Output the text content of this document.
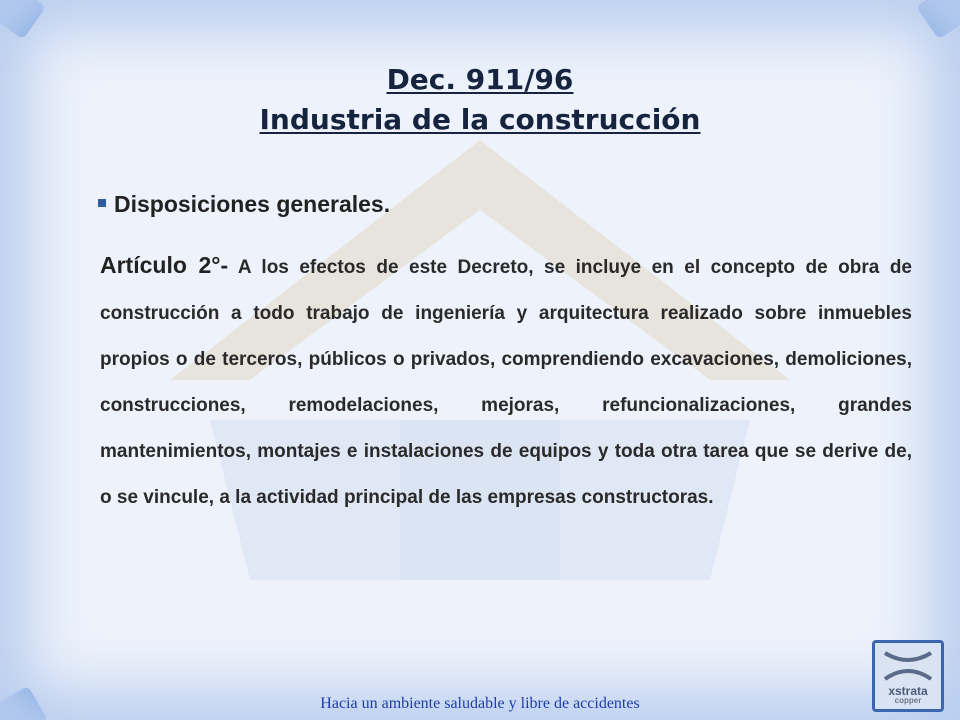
Dec. 911/96
Industria de la construcción
Disposiciones generales.
Artículo 2°- A los efectos de este Decreto, se incluye en el concepto de obra de construcción a todo trabajo de ingeniería y arquitectura realizado sobre inmuebles propios o de terceros, públicos o privados, comprendiendo excavaciones, demoliciones, construcciones, remodelaciones, mejoras, refuncionalizaciones, grandes mantenimientos, montajes e instalaciones de equipos y toda otra tarea que se derive de, o se vincule, a la actividad principal de las empresas constructoras.
Hacia un ambiente saludable y libre de accidentes
xstrata
copper
